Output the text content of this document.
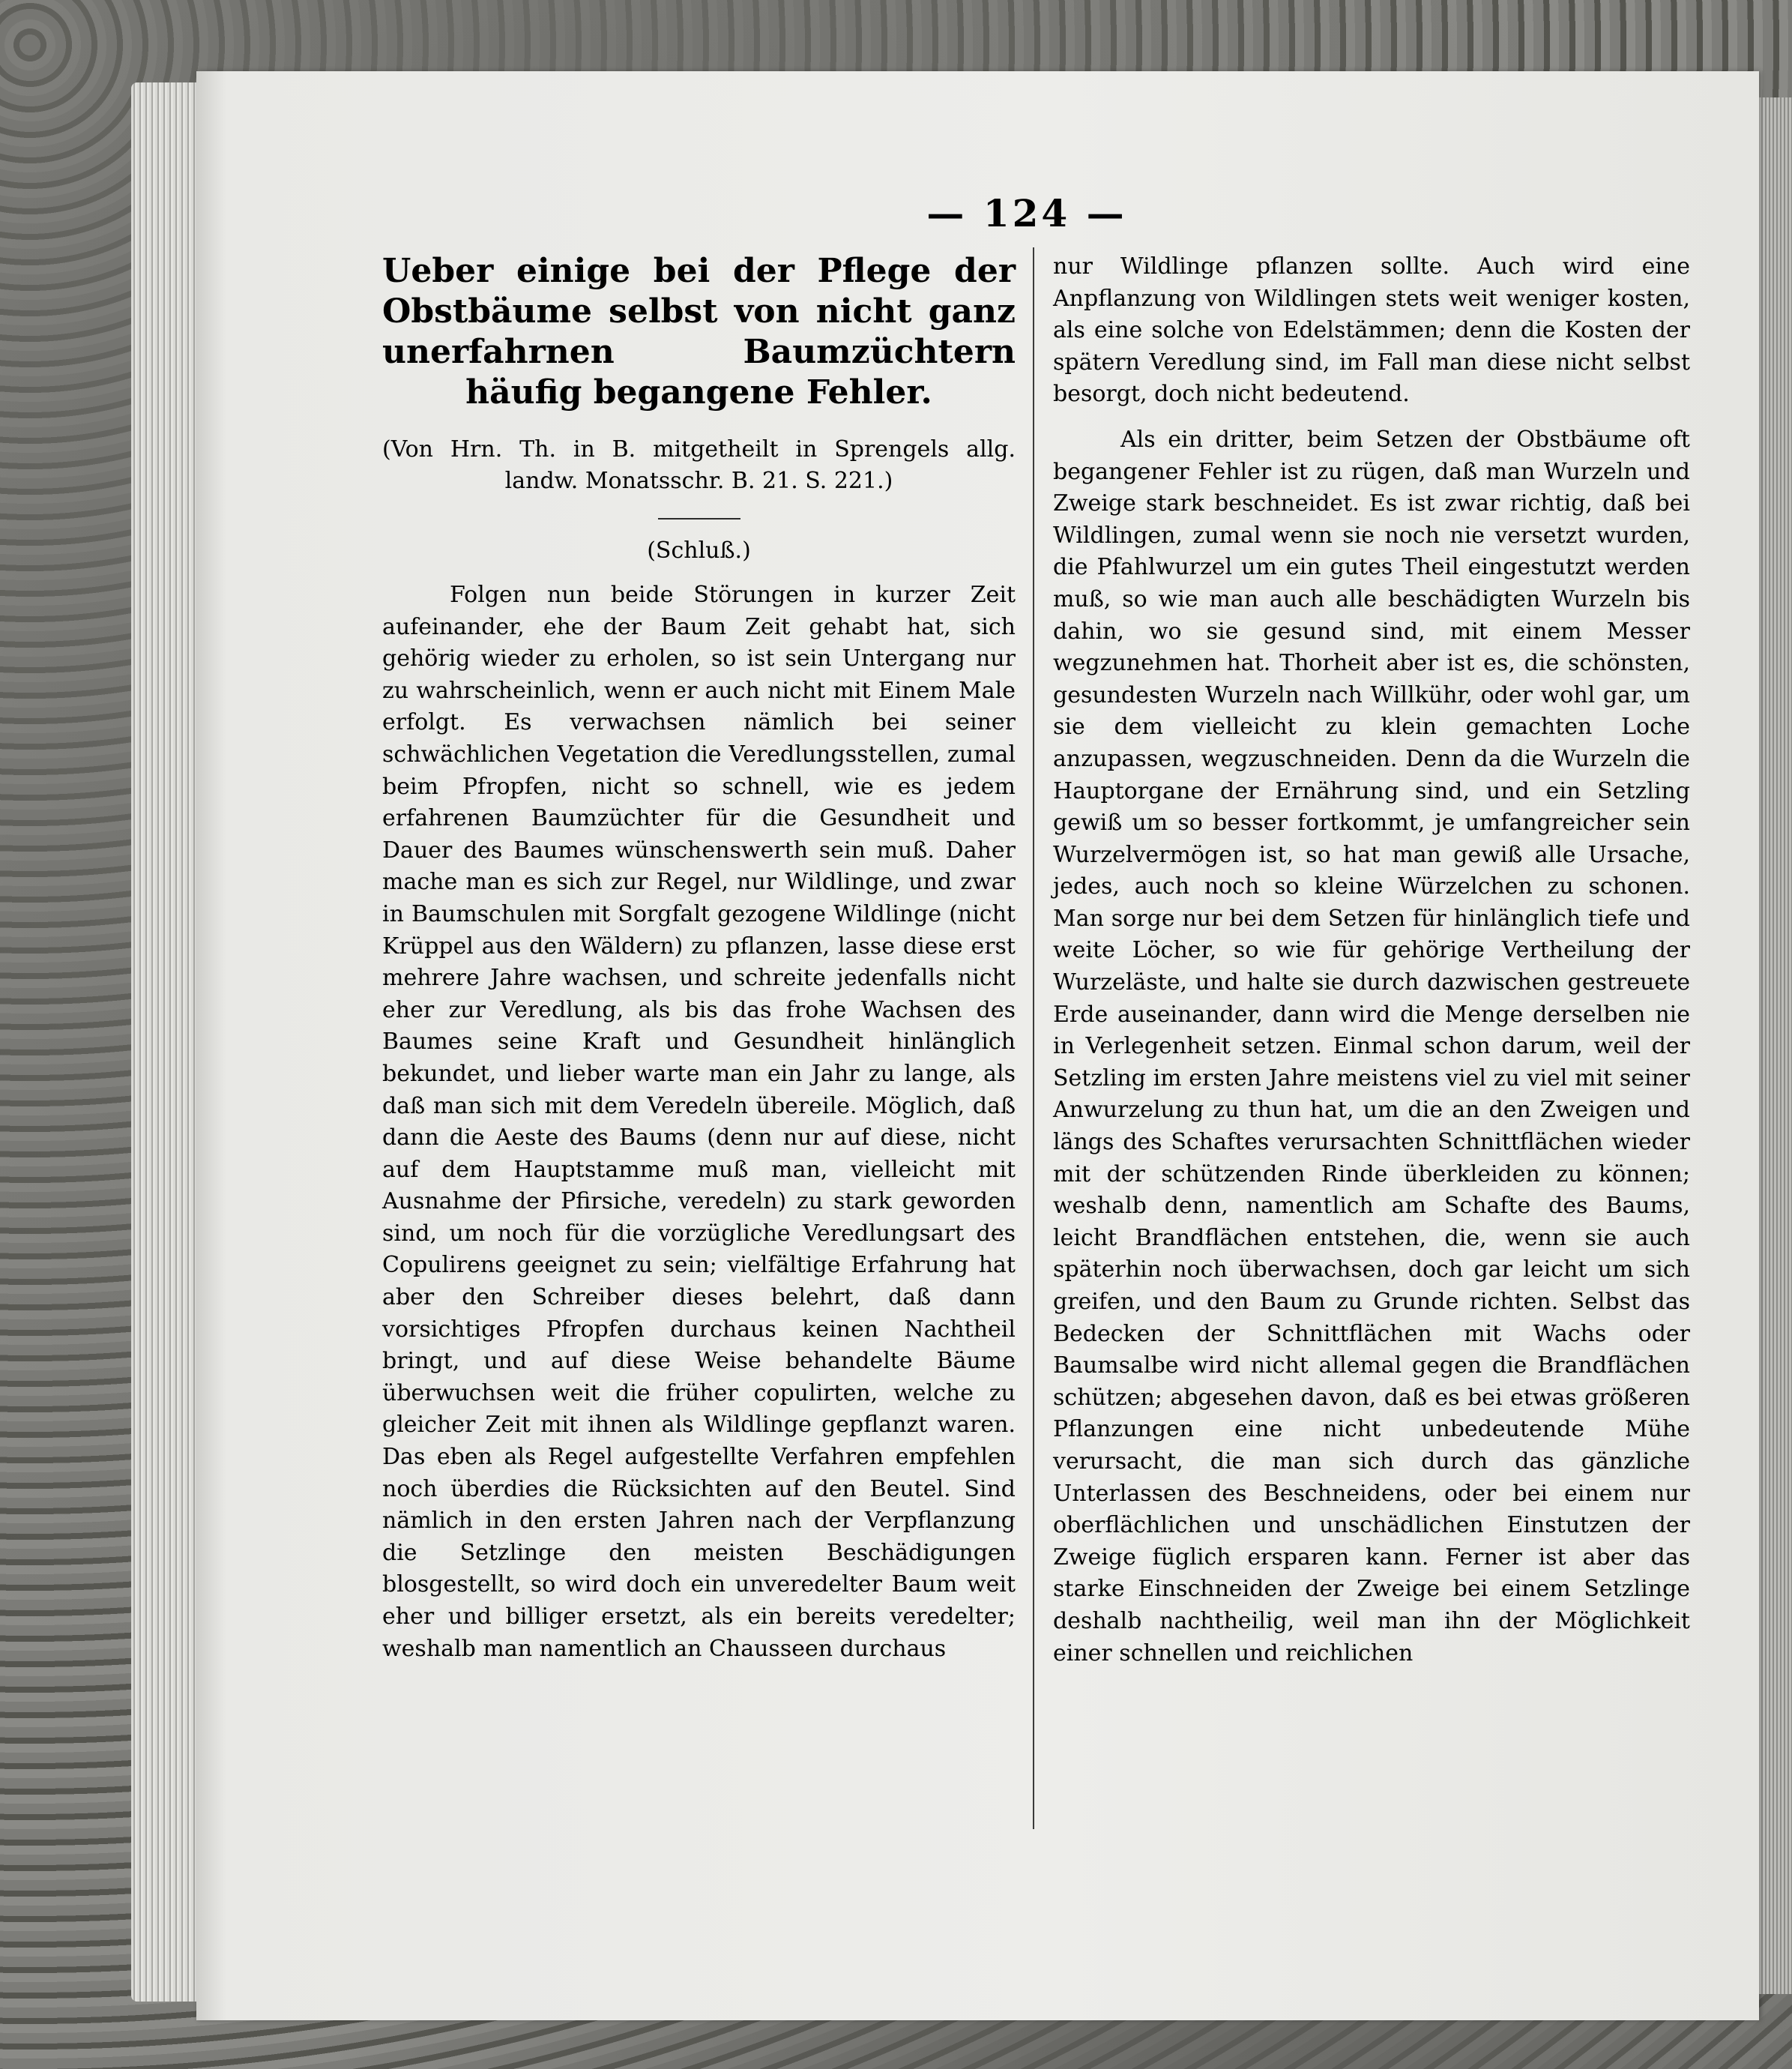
— 124 —
Ueber einige bei der Pflege der Obstbäume selbst von nicht ganz unerfahrnen Baumzüchtern häufig begangene Fehler.

(Von Hrn. Th. in B. mitgetheilt in Sprengels allg. landw. Monatsschr. B. 21. S. 221.)

(Schluß.)

Folgen nun beide Störungen in kurzer Zeit aufeinander, ehe der Baum Zeit gehabt hat, sich gehörig wieder zu erholen, so ist sein Untergang nur zu wahrscheinlich, wenn er auch nicht mit Einem Male erfolgt. Es verwachsen nämlich bei seiner schwächlichen Vegetation die Veredlungsstellen, zumal beim Pfropfen, nicht so schnell, wie es jedem erfahrenen Baumzüchter für die Gesundheit und Dauer des Baumes wünschenswerth sein muß. Daher mache man es sich zur Regel, nur Wildlinge, und zwar in Baumschulen mit Sorgfalt gezogene Wildlinge (nicht Krüppel aus den Wäldern) zu pflanzen, lasse diese erst mehrere Jahre wachsen, und schreite jedenfalls nicht eher zur Veredlung, als bis das frohe Wachsen des Baumes seine Kraft und Gesundheit hinlänglich bekundet, und lieber warte man ein Jahr zu lange, als daß man sich mit dem Veredeln übereile. Möglich, daß dann die Aeste des Baums (denn nur auf diese, nicht auf dem Hauptstamme muß man, vielleicht mit Ausnahme der Pfirsiche, veredeln) zu stark geworden sind, um noch für die vorzügliche Veredlungsart des Copulirens geeignet zu sein; vielfältige Erfahrung hat aber den Schreiber dieses belehrt, daß dann vorsichtiges Pfropfen durchaus keinen Nachtheil bringt, und auf diese Weise behandelte Bäume überwuchsen weit die früher copulirten, welche zu gleicher Zeit mit ihnen als Wildlinge gepflanzt waren. Das eben als Regel aufgestellte Verfahren empfehlen noch überdies die Rücksichten auf den Beutel. Sind nämlich in den ersten Jahren nach der Verpflanzung die Setzlinge den meisten Beschädigungen blosgestellt, so wird doch ein unveredelter Baum weit eher und billiger ersetzt, als ein bereits veredelter; weshalb man namentlich an Chausseen durchaus

nur Wildlinge pflanzen sollte. Auch wird eine Anpflanzung von Wildlingen stets weit weniger kosten, als eine solche von Edelstämmen; denn die Kosten der spätern Veredlung sind, im Fall man diese nicht selbst besorgt, doch nicht bedeutend.

Als ein dritter, beim Setzen der Obstbäume oft begangener Fehler ist zu rügen, daß man Wurzeln und Zweige stark beschneidet. Es ist zwar richtig, daß bei Wildlingen, zumal wenn sie noch nie versetzt wurden, die Pfahlwurzel um ein gutes Theil eingestutzt werden muß, so wie man auch alle beschädigten Wurzeln bis dahin, wo sie gesund sind, mit einem Messer wegzunehmen hat. Thorheit aber ist es, die schönsten, gesundesten Wurzeln nach Willkühr, oder wohl gar, um sie dem vielleicht zu klein gemachten Loche anzupassen, wegzuschneiden. Denn da die Wurzeln die Hauptorgane der Ernährung sind, und ein Setzling gewiß um so besser fortkommt, je umfangreicher sein Wurzelvermögen ist, so hat man gewiß alle Ursache, jedes, auch noch so kleine Würzelchen zu schonen. Man sorge nur bei dem Setzen für hinlänglich tiefe und weite Löcher, so wie für gehörige Vertheilung der Wurzeläste, und halte sie durch dazwischen gestreuete Erde auseinander, dann wird die Menge derselben nie in Verlegenheit setzen. Einmal schon darum, weil der Setzling im ersten Jahre meistens viel zu viel mit seiner Anwurzelung zu thun hat, um die an den Zweigen und längs des Schaftes verursachten Schnittflächen wieder mit der schützenden Rinde überkleiden zu können; weshalb denn, namentlich am Schafte des Baums, leicht Brandflächen entstehen, die, wenn sie auch späterhin noch überwachsen, doch gar leicht um sich greifen, und den Baum zu Grunde richten. Selbst das Bedecken der Schnittflächen mit Wachs oder Baumsalbe wird nicht allemal gegen die Brandflächen schützen; abgesehen davon, daß es bei etwas größeren Pflanzungen eine nicht unbedeutende Mühe verursacht, die man sich durch das gänzliche Unterlassen des Beschneidens, oder bei einem nur oberflächlichen und unschädlichen Einstutzen der Zweige füglich ersparen kann. Ferner ist aber das starke Einschneiden der Zweige bei einem Setzlinge deshalb nachtheilig, weil man ihn der Möglichkeit einer schnellen und reichlichen
